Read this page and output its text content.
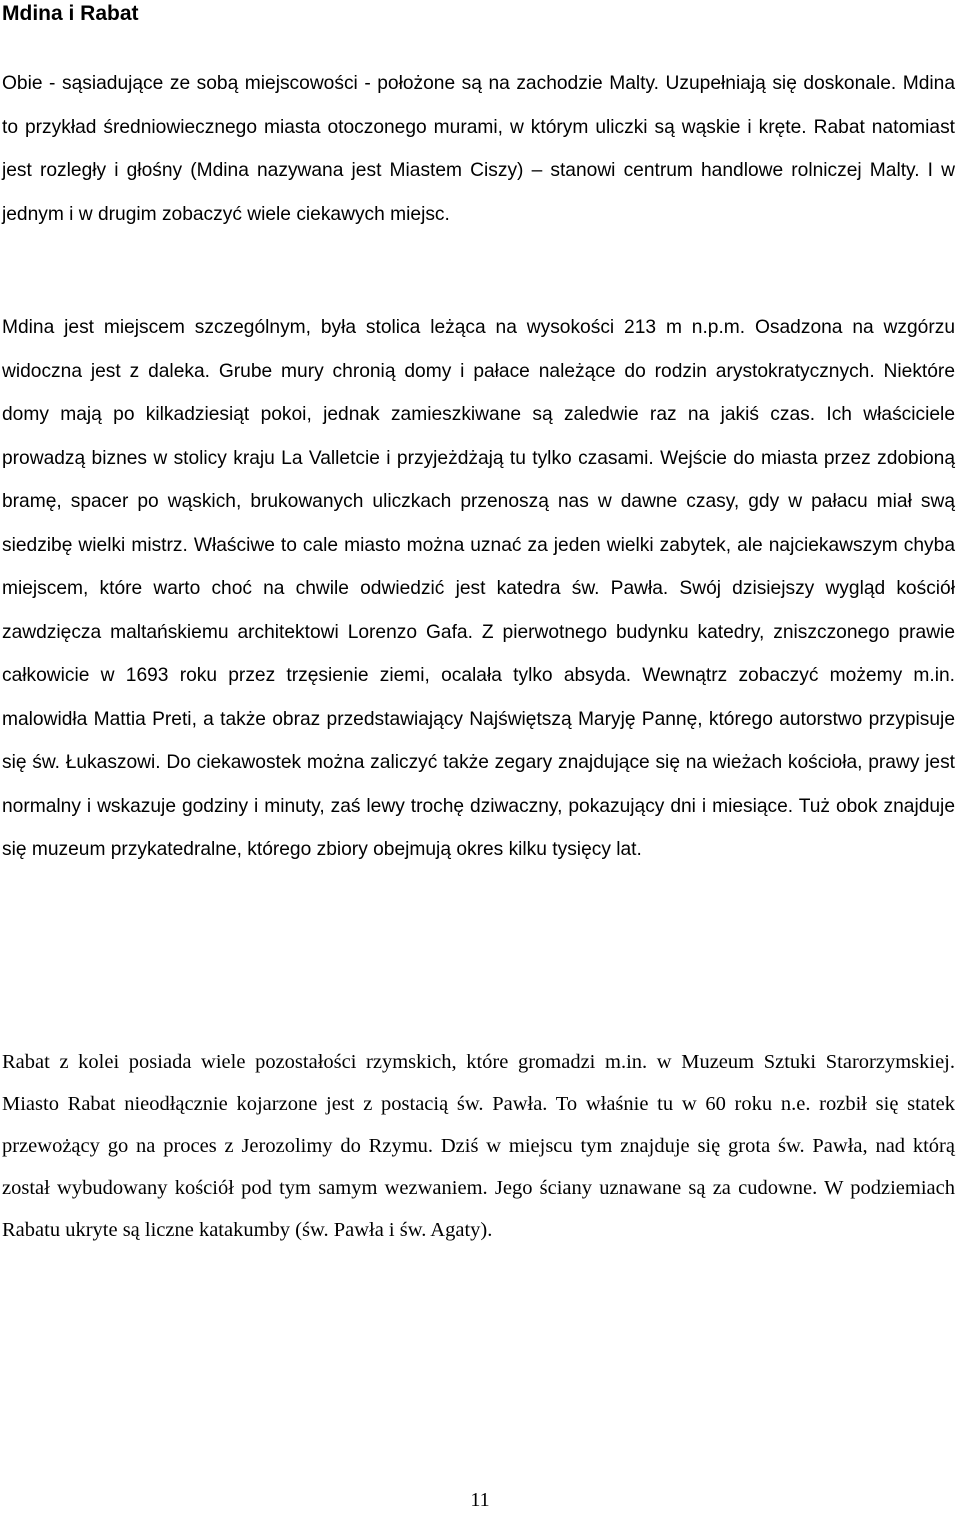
Mdina i Rabat

Obie - sąsiadujące ze sobą miejscowości - położone są na zachodzie Malty. Uzupełniają się doskonale. Mdina to przykład średniowiecznego miasta otoczonego murami, w którym uliczki są wąskie i kręte. Rabat natomiast jest rozległy i głośny (Mdina nazywana jest Miastem Ciszy) – stanowi centrum handlowe rolniczej Malty. I w jednym i w drugim zobaczyć wiele ciekawych miejsc.

Mdina jest miejscem szczególnym, była stolica leżąca na wysokości 213 m n.p.m. Osadzona na wzgórzu widoczna jest z daleka. Grube mury chronią domy i pałace należące do rodzin arystokratycznych. Niektóre domy mają po kilkadziesiąt pokoi, jednak zamieszkiwane są zaledwie raz na jakiś czas. Ich właściciele prowadzą biznes w stolicy kraju La Valletcie i przyjeżdżają tu tylko czasami. Wejście do miasta przez zdobioną bramę, spacer po wąskich, brukowanych uliczkach przenoszą nas w dawne czasy, gdy w pałacu miał swą siedzibę wielki mistrz. Właściwe to cale miasto można uznać za jeden wielki zabytek, ale najciekawszym chyba miejscem, które warto choć na chwile odwiedzić jest katedra św. Pawła. Swój dzisiejszy wygląd kościół zawdzięcza maltańskiemu architektowi Lorenzo Gafa. Z pierwotnego budynku katedry, zniszczonego prawie całkowicie w 1693 roku przez trzęsienie ziemi, ocalała tylko absyda. Wewnątrz zobaczyć możemy m.in. malowidła Mattia Preti, a także obraz przedstawiający Najświętszą Maryję Pannę, którego autorstwo przypisuje się św. Łukaszowi. Do ciekawostek można zaliczyć także zegary znajdujące się na wieżach kościoła, prawy jest normalny i wskazuje godziny i minuty, zaś lewy trochę dziwaczny, pokazujący dni i miesiące. Tuż obok znajduje się muzeum przykatedralne, którego zbiory obejmują okres kilku tysięcy lat.

Rabat z kolei posiada wiele pozostałości rzymskich, które gromadzi m.in. w Muzeum Sztuki Starorzymskiej. Miasto Rabat nieodłącznie kojarzone jest z postacią św. Pawła. To właśnie tu w 60 roku n.e. rozbił się statek przewożący go na proces z Jerozolimy do Rzymu. Dziś w miejscu tym znajduje się grota św. Pawła, nad którą został wybudowany kościół pod tym samym wezwaniem. Jego ściany uznawane są za cudowne. W podziemiach Rabatu ukryte są liczne katakumby (św. Pawła i św. Agaty).

11
